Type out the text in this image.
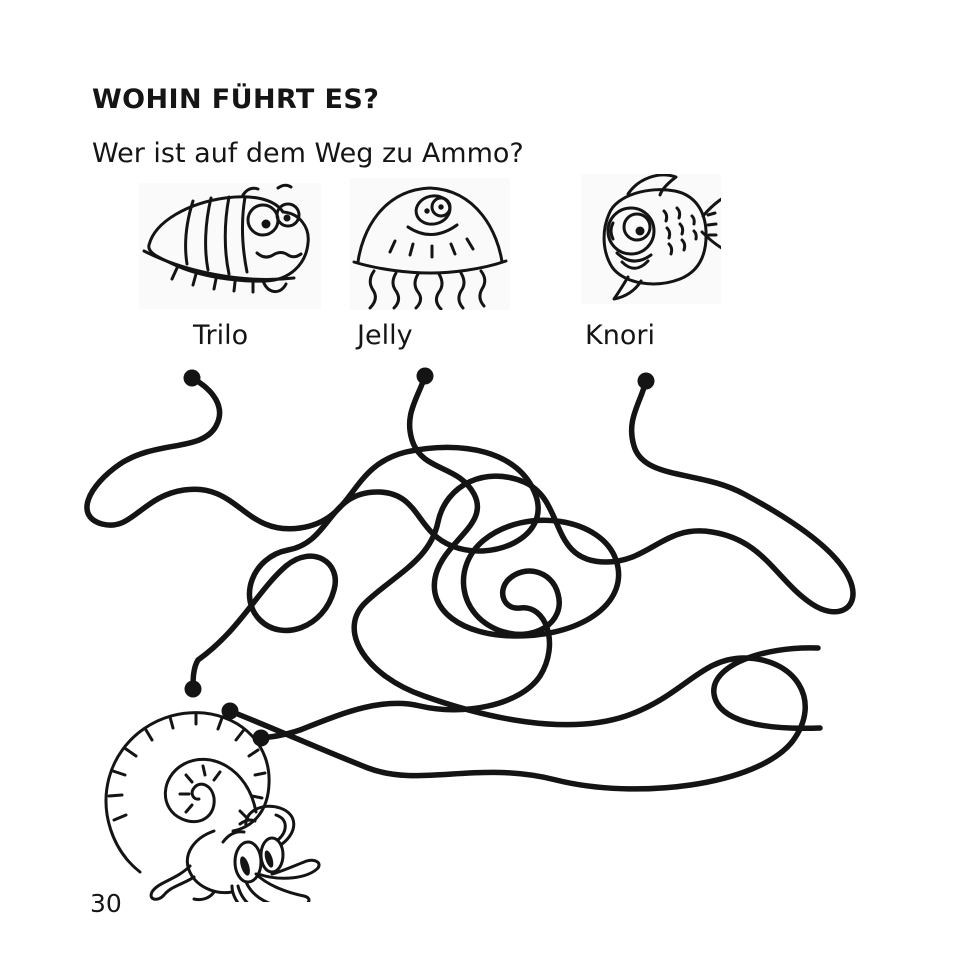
WOHIN FÜHRT ES?
Wer ist auf dem Weg zu Ammo?
Trilo	Jelly	Knori
30
